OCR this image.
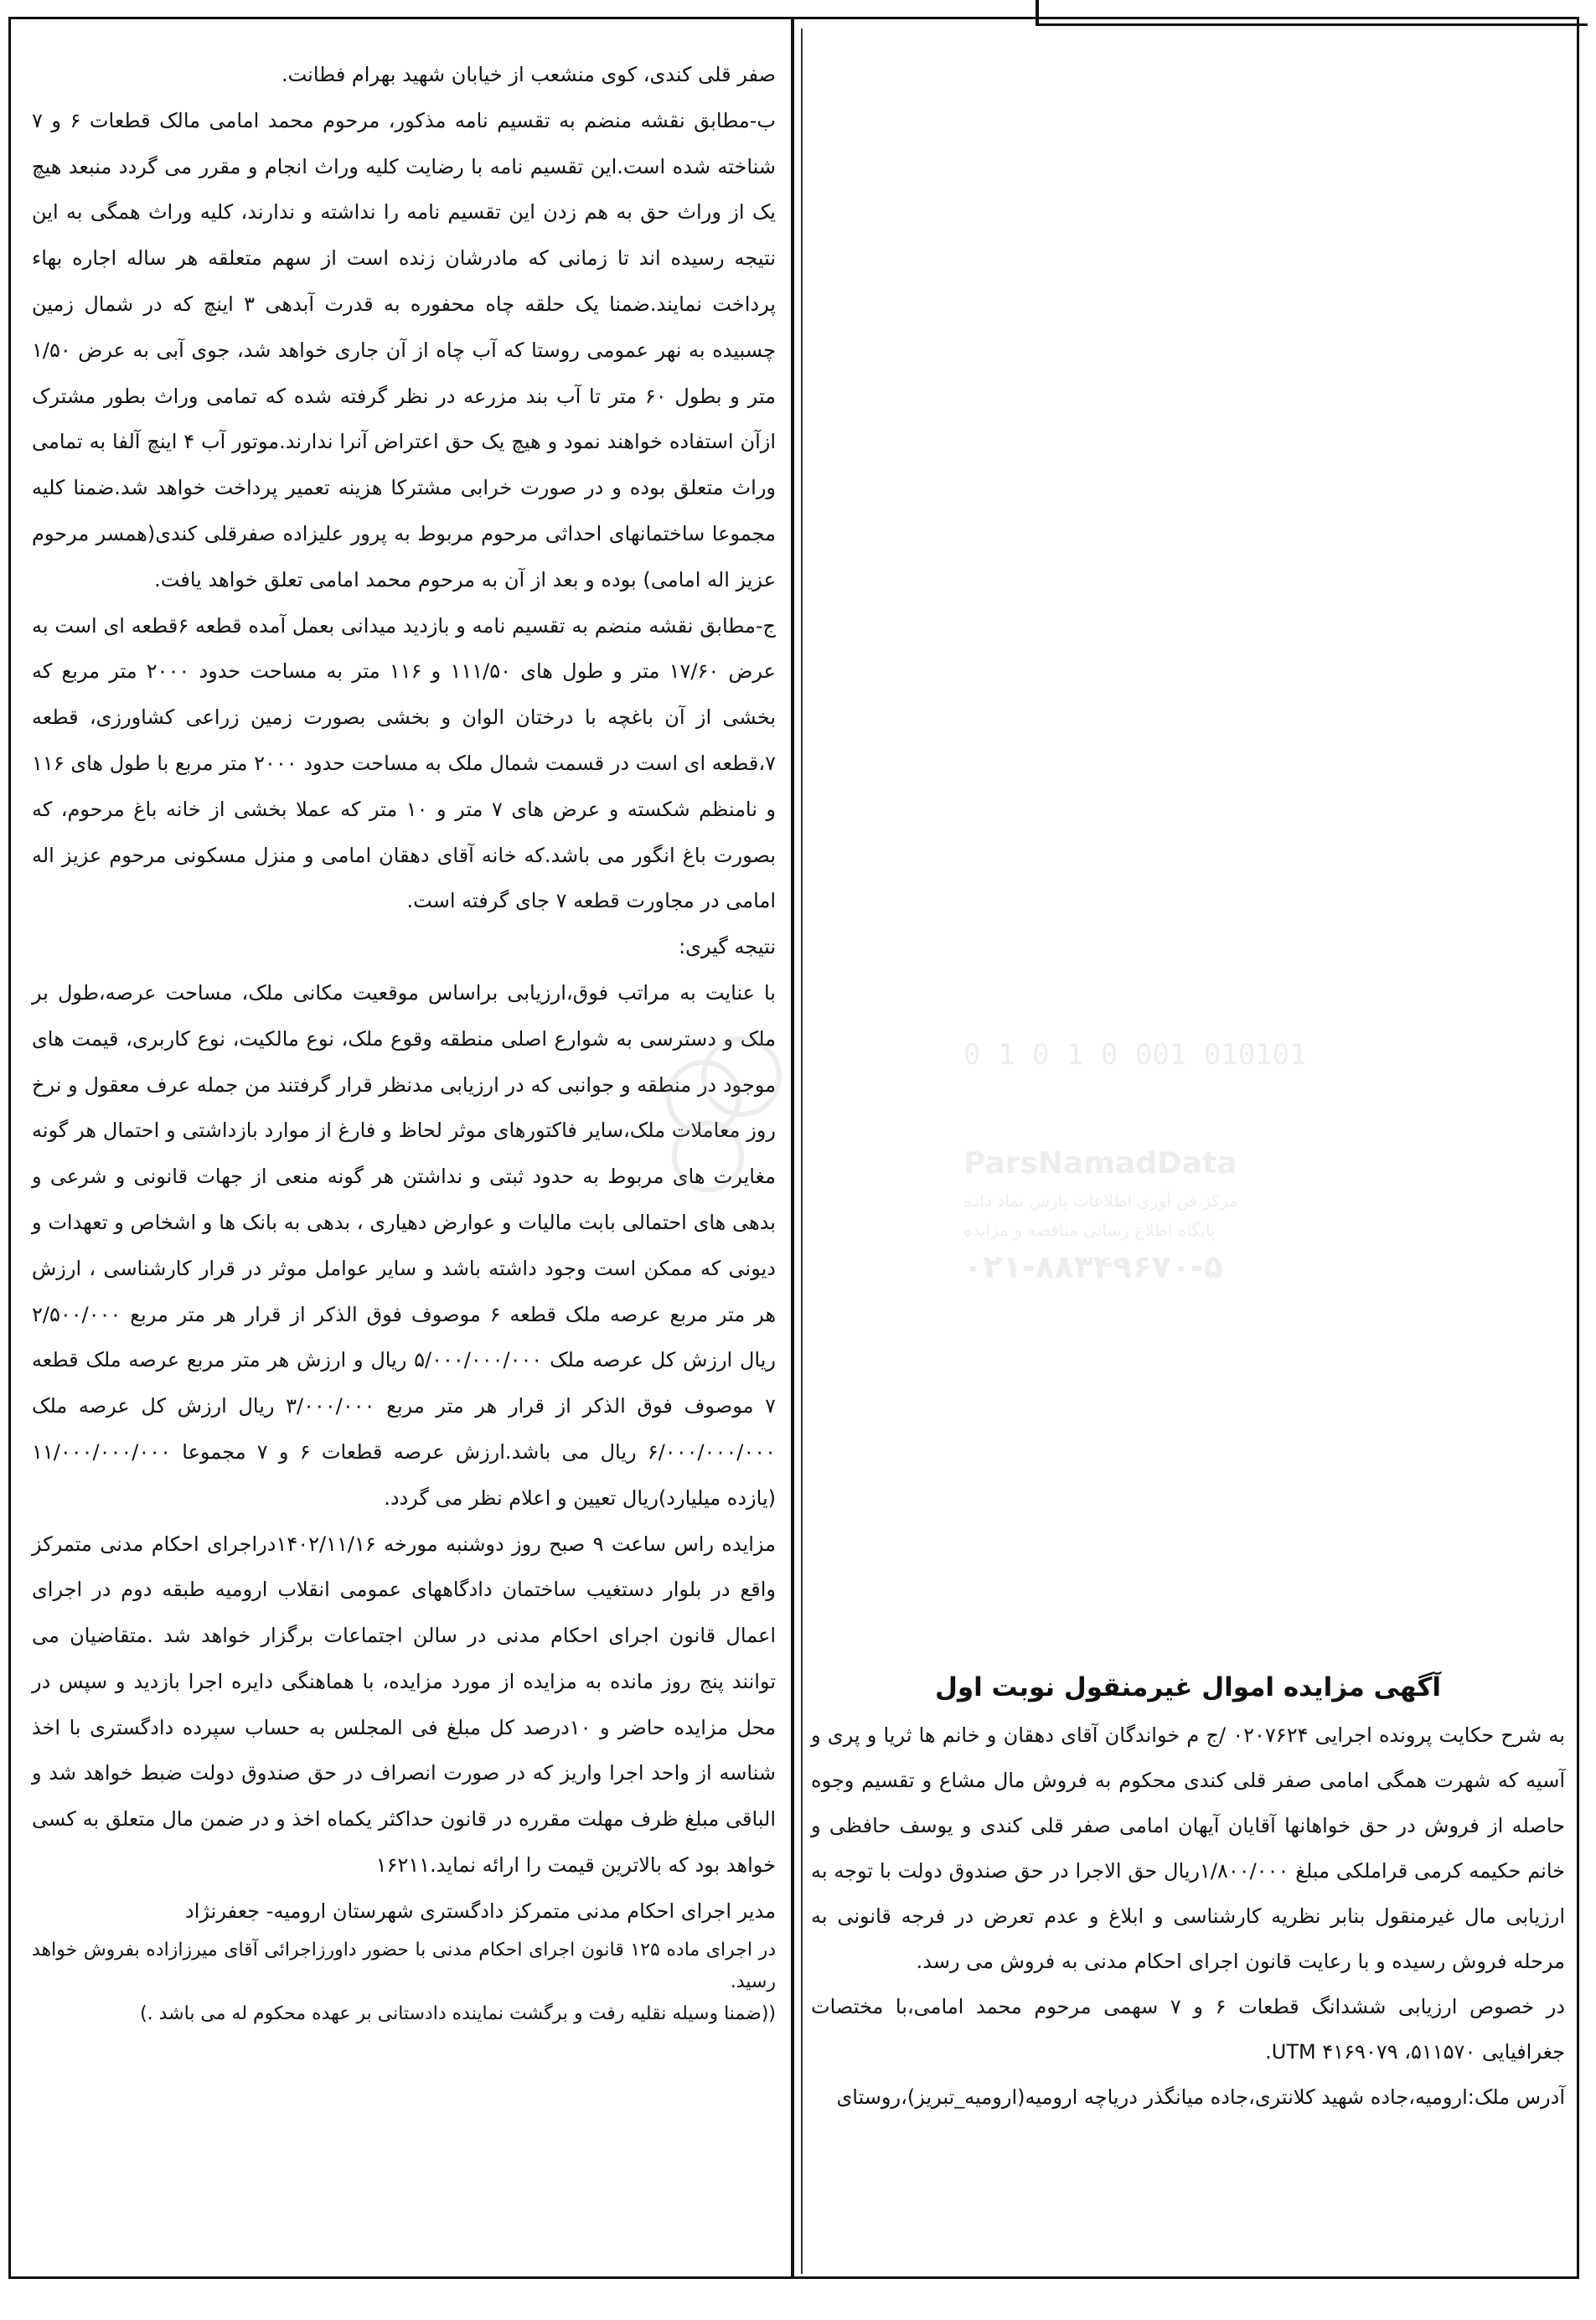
آگهی مزایده اموال غیرمنقول نوبت اول

به شرح حکایت پرونده اجرایی ۰۲۰۷۶۲۴ /ج م خواندگان آقای دهقان و خانم ها ثریا و پری و آسیه که شهرت همگی امامی صفر قلی کندی محکوم به فروش مال مشاع و تقسیم وجوه حاصله از فروش در حق خواهانها آقایان آیهان امامی صفر قلی کندی و یوسف حافظی و خانم حکیمه کرمی قراملکی مبلغ ۱/۸۰۰/۰۰۰ریال حق الاجرا در حق صندوق دولت با توجه به ارزیابی مال غیرمنقول بنابر نظریه کارشناسی و ابلاغ و عدم تعرض در فرجه قانونی به مرحله فروش رسیده و با رعایت قانون اجرای احکام مدنی به فروش می رسد.

در خصوص ارزیابی ششدانگ قطعات ۶ و ۷ سهمی مرحوم محمد امامی،با مختصات جغرافیایی ۵۱۱۵۷۰، ۴۱۶۹۰۷۹ UTM.

آدرس ملک:ارومیه،جاده شهید کلانتری،جاده میانگذر دریاچه ارومیه(ارومیه_تبریز)،روستای

صفر قلی کندی، کوی منشعب از خیابان شهید بهرام فطانت.

ب-مطابق نقشه منضم به تقسیم نامه مذکور، مرحوم محمد امامی مالک قطعات ۶ و ۷ شناخته شده است.این تقسیم نامه با رضایت کلیه وراث انجام و مقرر می گردد منبعد هیچ یک از وراث حق به هم زدن این تقسیم نامه را نداشته و ندارند، کلیه وراث همگی به این نتیجه رسیده اند تا زمانی که مادرشان زنده است از سهم متعلقه هر ساله اجاره بهاء پرداخت نمایند.ضمنا یک حلقه چاه محفوره به قدرت آبدهی ۳ اینچ که در شمال زمین چسبیده به نهر عمومی روستا که آب چاه از آن جاری خواهد شد، جوی آبی به عرض ۱/۵۰ متر و بطول ۶۰ متر تا آب بند مزرعه در نظر گرفته شده که تمامی وراث بطور مشترک ازآن استفاده خواهند نمود و هیچ یک حق اعتراض آنرا ندارند.موتور آب ۴ اینچ آلفا به تمامی وراث متعلق بوده و در صورت خرابی مشترکا هزینه تعمیر پرداخت خواهد شد.ضمنا کلیه مجموعا ساختمانهای احداثی مرحوم مربوط به پرور علیزاده صفرقلی کندی(همسر مرحوم عزیز اله امامی) بوده و بعد از آن به مرحوم محمد امامی تعلق خواهد یافت.

ج-مطابق نقشه منضم به تقسیم نامه و بازدید میدانی بعمل آمده قطعه ۶قطعه ای است به عرض ۱۷/۶۰ متر و طول های ۱۱۱/۵۰ و ۱۱۶ متر به مساحت حدود ۲۰۰۰ متر مربع که بخشی از آن باغچه با درختان الوان و بخشی بصورت زمین زراعی کشاورزی، قطعه ۷،قطعه ای است در قسمت شمال ملک به مساحت حدود ۲۰۰۰ متر مربع با طول های ۱۱۶ و نامنظم شکسته و عرض های ۷ متر و ۱۰ متر که عملا بخشی از خانه باغ مرحوم، که بصورت باغ انگور می باشد.که خانه آقای دهقان امامی و منزل مسکونی مرحوم عزیز اله امامی در مجاورت قطعه ۷ جای گرفته است.

نتیجه گیری:

با عنایت به مراتب فوق،ارزیابی براساس موقعیت مکانی ملک، مساحت عرصه،طول بر ملک و دسترسی به شوارع اصلی منطقه وقوع ملک، نوع مالکیت، نوع کاربری، قیمت های موجود در منطقه و جوانبی که در ارزیابی مدنظر قرار گرفتند من جمله عرف معقول و نرخ روز معاملات ملک،سایر فاکتورهای موثر لحاظ و فارغ از موارد بازداشتی و احتمال هر گونه مغایرت های مربوط به حدود ثبتی و نداشتن هر گونه منعی از جهات قانونی و شرعی و بدهی های احتمالی بابت مالیات و عوارض دهیاری ، بدهی به بانک ها و اشخاص و تعهدات و دیونی که ممکن است وجود داشته باشد و سایر عوامل موثر در قرار کارشناسی ، ارزش هر متر مربع عرصه ملک قطعه ۶ موصوف فوق الذکر از قرار هر متر مربع ۲/۵۰۰/۰۰۰ ریال ارزش کل عرصه ملک ۵/۰۰۰/۰۰۰/۰۰۰ ریال و ارزش هر متر مربع عرصه ملک قطعه ۷ موصوف فوق الذکر از قرار هر متر مربع ۳/۰۰۰/۰۰۰ ریال ارزش کل عرصه ملک ۶/۰۰۰/۰۰۰/۰۰۰ ریال می باشد.ارزش عرصه قطعات ۶ و ۷ مجموعا ۱۱/۰۰۰/۰۰۰/۰۰۰ (یازده میلیارد)ریال تعیین و اعلام نظر می گردد.

مزایده راس ساعت ۹ صبح روز دوشنبه مورخه ۱۴۰۲/۱۱/۱۶دراجرای احکام مدنی متمرکز واقع در بلوار دستغیب ساختمان دادگاههای عمومی انقلاب ارومیه طبقه دوم در اجرای اعمال قانون اجرای احکام مدنی در سالن اجتماعات برگزار خواهد شد .متقاضیان می توانند پنج روز مانده به مزایده از مورد مزایده، با هماهنگی دایره اجرا بازدید و سپس در محل مزایده حاضر و ۱۰درصد کل مبلغ فی المجلس به حساب سپرده دادگستری با اخذ شناسه از واحد اجرا واریز که در صورت انصراف در حق صندوق دولت ضبط خواهد شد و الباقی مبلغ ظرف مهلت مقرره در قانون حداکثر یکماه اخذ و در ضمن مال متعلق به کسی خواهد بود که بالاترین قیمت را ارائه نماید.۱۶۲۱۱

مدیر اجرای احکام مدنی متمرکز دادگستری شهرستان ارومیه- جعفرنژاد

در اجرای ماده ۱۲۵ قانون اجرای احکام مدنی با حضور داورزاجرائی آقای میرزازاده بفروش خواهد رسید.

((ضمنا وسیله نقلیه رفت و برگشت نماینده دادستانی بر عهده محکوم له می باشد .)

010101 001 0 1 0 1 0
ParsNamadData
مرکز فن آوری اطلاعات پارس نماد داده
پایگاه اطلاع رسانی مناقصه و مزایده
۰۲۱-۸۸۳۴۹۶۷۰-۵
